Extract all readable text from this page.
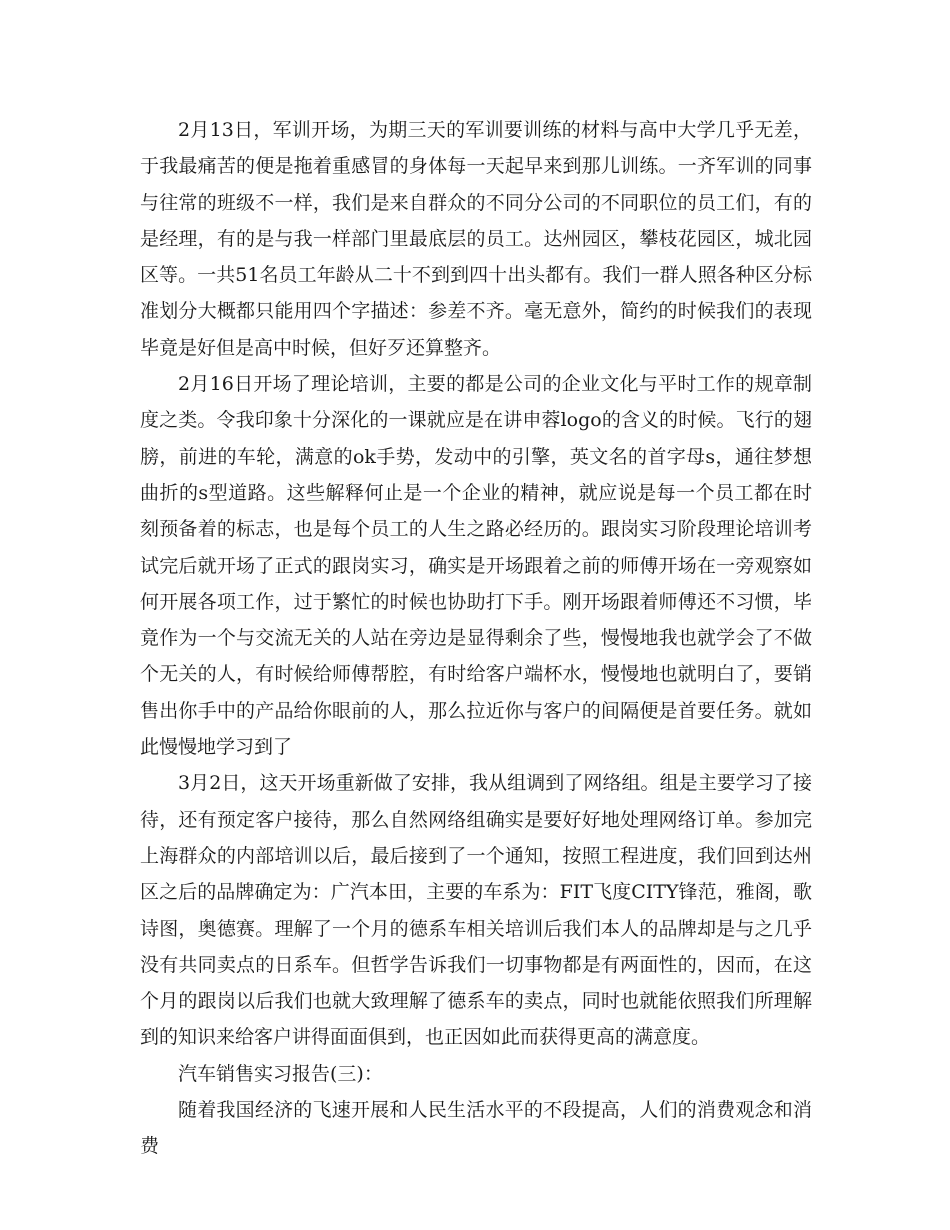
2月13日，军训开场，为期三天的军训要训练的材料与高中大学几乎无差，于我最痛苦的便是拖着重感冒的身体每一天起早来到那儿训练。一齐军训的同事与往常的班级不一样，我们是来自群众的不同分公司的不同职位的员工们，有的是经理，有的是与我一样部门里最底层的员工。达州园区，攀枝花园区，城北园区等。一共51名员工年龄从二十不到到四十出头都有。我们一群人照各种区分标准划分大概都只能用四个字描述：参差不齐。毫无意外，简约的时候我们的表现毕竟是好但是高中时候，但好歹还算整齐。

2月16日开场了理论培训，主要的都是公司的企业文化与平时工作的规章制度之类。令我印象十分深化的一课就应是在讲申蓉logo的含义的时候。飞行的翅膀，前进的车轮，满意的ok手势，发动中的引擎，英文名的首字母s，通往梦想曲折的s型道路。这些解释何止是一个企业的精神，就应说是每一个员工都在时刻预备着的标志，也是每个员工的人生之路必经历的。跟岗实习阶段理论培训考试完后就开场了正式的跟岗实习，确实是开场跟着之前的师傅开场在一旁观察如何开展各项工作，过于繁忙的时候也协助打下手。刚开场跟着师傅还不习惯，毕竟作为一个与交流无关的人站在旁边是显得剩余了些，慢慢地我也就学会了不做个无关的人，有时候给师傅帮腔，有时给客户端杯水，慢慢地也就明白了，要销售出你手中的产品给你眼前的人，那么拉近你与客户的间隔便是首要任务。就如此慢慢地学习到了

3月2日，这天开场重新做了安排，我从组调到了网络组。组是主要学习了接待，还有预定客户接待，那么自然网络组确实是要好好地处理网络订单。参加完上海群众的内部培训以后，最后接到了一个通知，按照工程进度，我们回到达州区之后的品牌确定为：广汽本田，主要的车系为：FIT飞度CITY锋范，雅阁，歌诗图，奥德赛。理解了一个月的德系车相关培训后我们本人的品牌却是与之几乎没有共同卖点的日系车。但哲学告诉我们一切事物都是有两面性的，因而，在这个月的跟岗以后我们也就大致理解了德系车的卖点，同时也就能依照我们所理解到的知识来给客户讲得面面俱到，也正因如此而获得更高的满意度。

汽车销售实习报告(三)：

随着我国经济的飞速开展和人民生活水平的不段提高，人们的消费观念和消费
